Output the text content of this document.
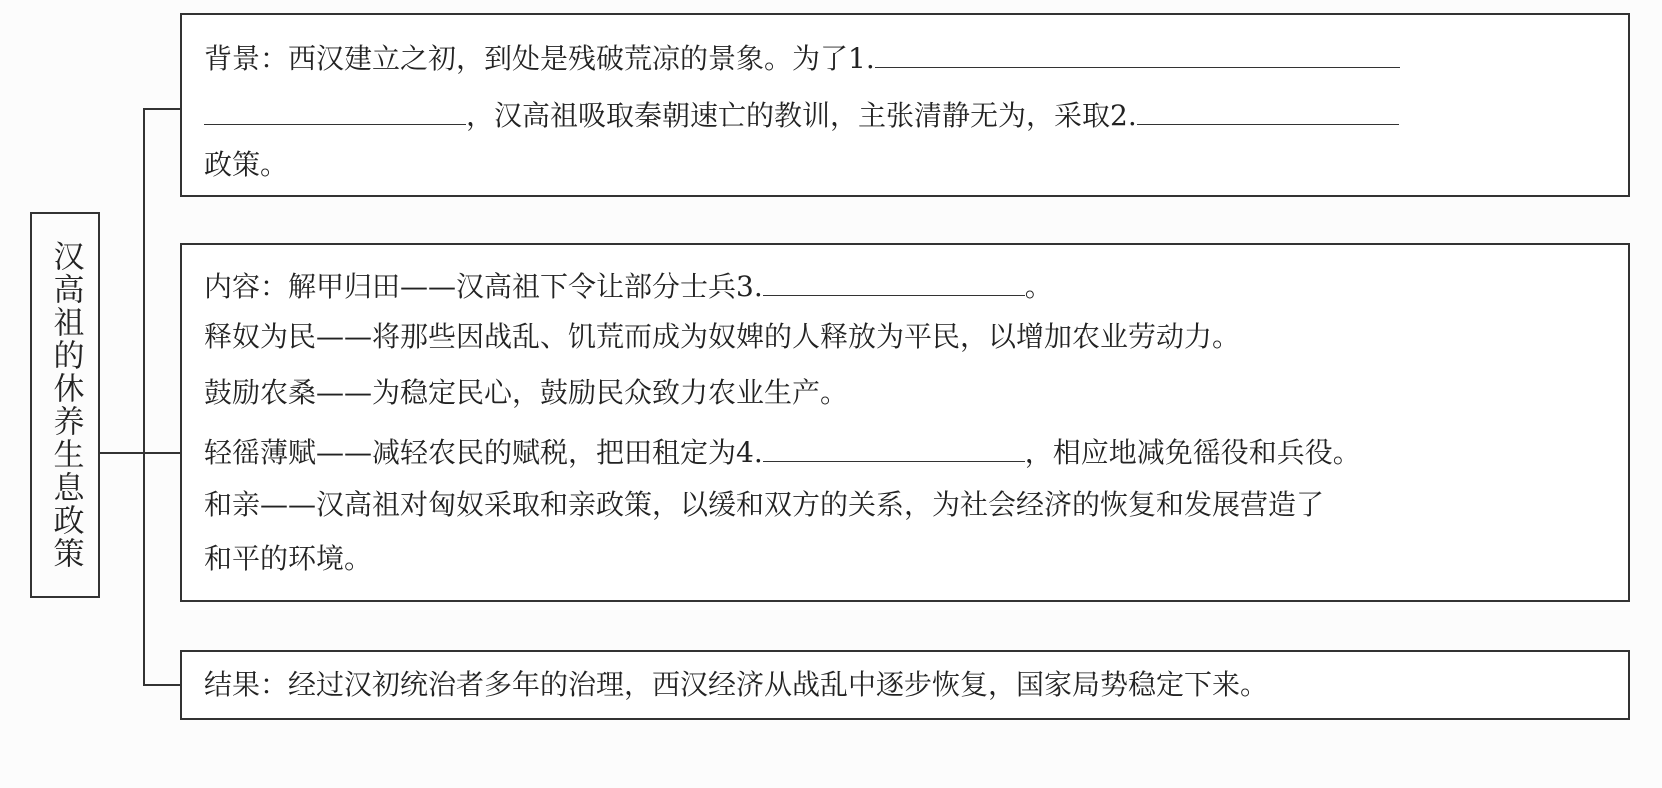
汉高祖的休养生息政策
背景：西汉建立之初，到处是残破荒凉的景象。为了1.
，汉高祖吸取秦朝速亡的教训，主张清静无为，采取2.
政策。
内容：解甲归田——汉高祖下令让部分士兵3.	。
释奴为民——将那些因战乱、饥荒而成为奴婢的人释放为平民，以增加农业劳动力。
鼓励农桑——为稳定民心，鼓励民众致力农业生产。
轻徭薄赋——减轻农民的赋税，把田租定为4.	，相应地减免徭役和兵役。
和亲——汉高祖对匈奴采取和亲政策，以缓和双方的关系，为社会经济的恢复和发展营造了
和平的环境。
结果：经过汉初统治者多年的治理，西汉经济从战乱中逐步恢复，国家局势稳定下来。
